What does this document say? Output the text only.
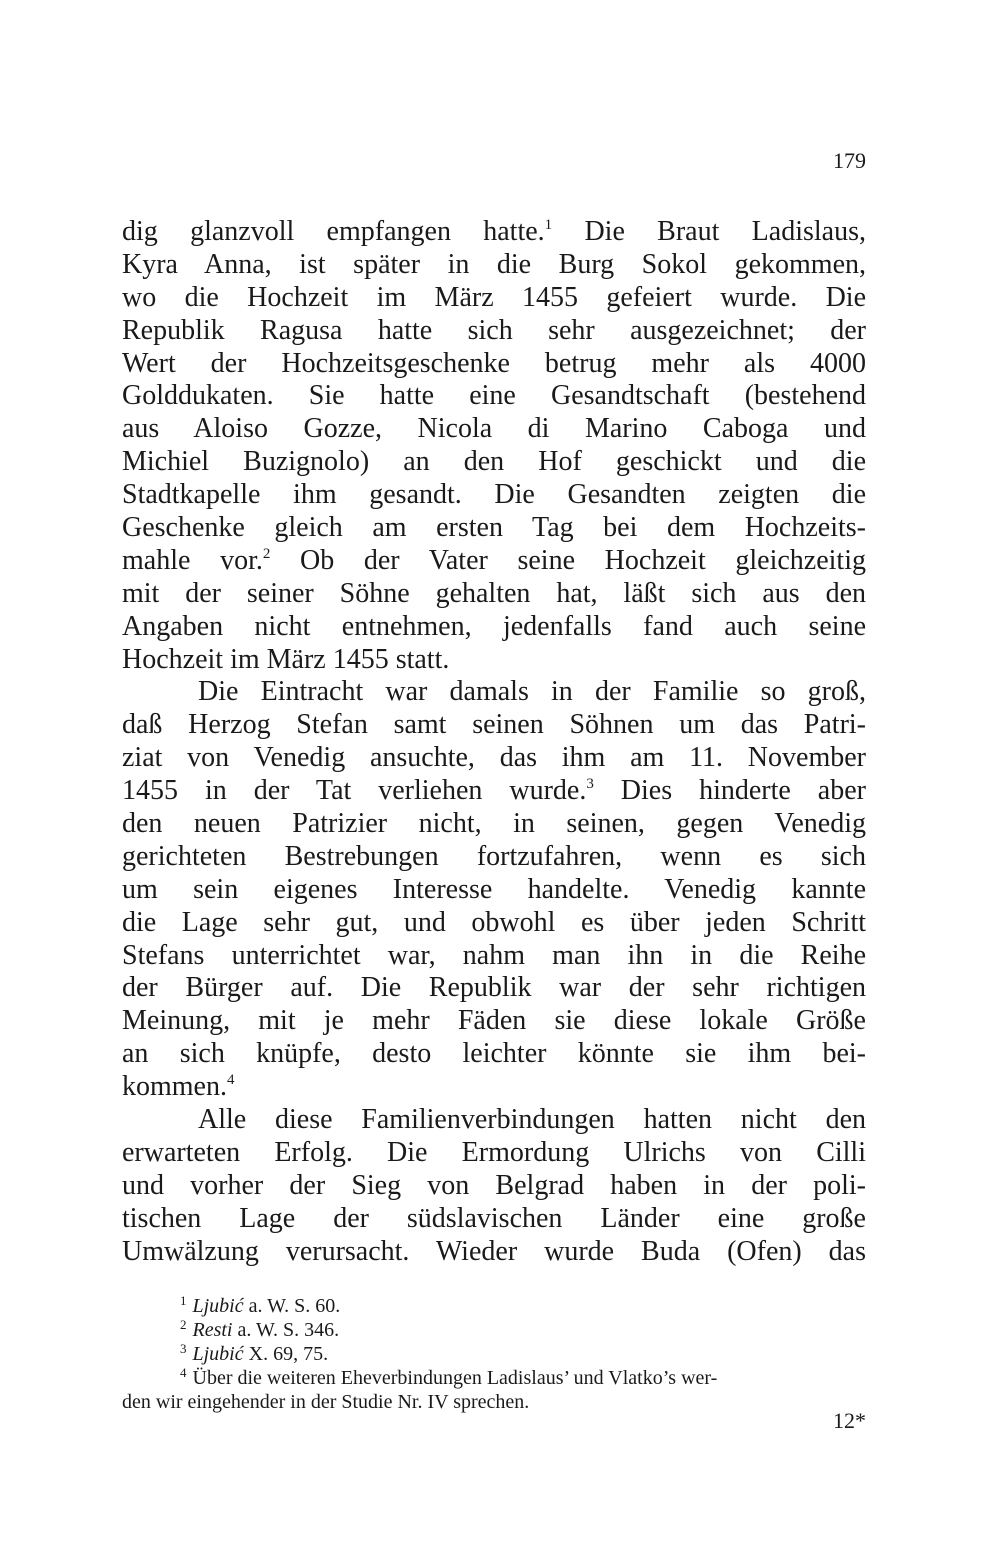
179
dig glanzvoll empfangen hatte.$^1$ Die Braut Ladislaus,
Kyra Anna, ist später in die Burg Sokol gekommen,
wo die Hochzeit im März 1455 gefeiert wurde. Die
Republik Ragusa hatte sich sehr ausgezeichnet; der
Wert der Hochzeitsgeschenke betrug mehr als 4000
Golddukaten. Sie hatte eine Gesandtschaft (bestehend
aus Aloiso Gozze, Nicola di Marino Caboga und
Michiel Buzignolo) an den Hof geschickt und die
Stadtkapelle ihm gesandt. Die Gesandten zeigten die
Geschenke gleich am ersten Tag bei dem Hochzeits-
mahle vor.$^2$ Ob der Vater seine Hochzeit gleichzeitig
mit der seiner Söhne gehalten hat, läßt sich aus den
Angaben nicht entnehmen, jedenfalls fand auch seine
Hochzeit im März 1455 statt.
Die Eintracht war damals in der Familie so groß,
daß Herzog Stefan samt seinen Söhnen um das Patri-
ziat von Venedig ansuchte, das ihm am 11. November
1455 in der Tat verliehen wurde.$^3$ Dies hinderte aber
den neuen Patrizier nicht, in seinen, gegen Venedig
gerichteten Bestrebungen fortzufahren, wenn es sich
um sein eigenes Interesse handelte. Venedig kannte
die Lage sehr gut, und obwohl es über jeden Schritt
Stefans unterrichtet war, nahm man ihn in die Reihe
der Bürger auf. Die Republik war der sehr richtigen
Meinung, mit je mehr Fäden sie diese lokale Größe
an sich knüpfe, desto leichter könnte sie ihm bei-
kommen.$^4$
Alle diese Familienverbindungen hatten nicht den
erwarteten Erfolg. Die Ermordung Ulrichs von Cilli
und vorher der Sieg von Belgrad haben in der poli-
tischen Lage der südslavischen Länder eine große
Umwälzung verursacht. Wieder wurde Buda (Ofen) das
$^1$ Ljubić a. W. S. 60.
$^2$ Resti a. W. S. 346.
$^3$ Ljubić X. 69, 75.
$^4$ Über die weiteren Eheverbindungen Ladislaus’ und Vlatko’s wer-
den wir eingehender in der Studie Nr. IV sprechen.
12*
